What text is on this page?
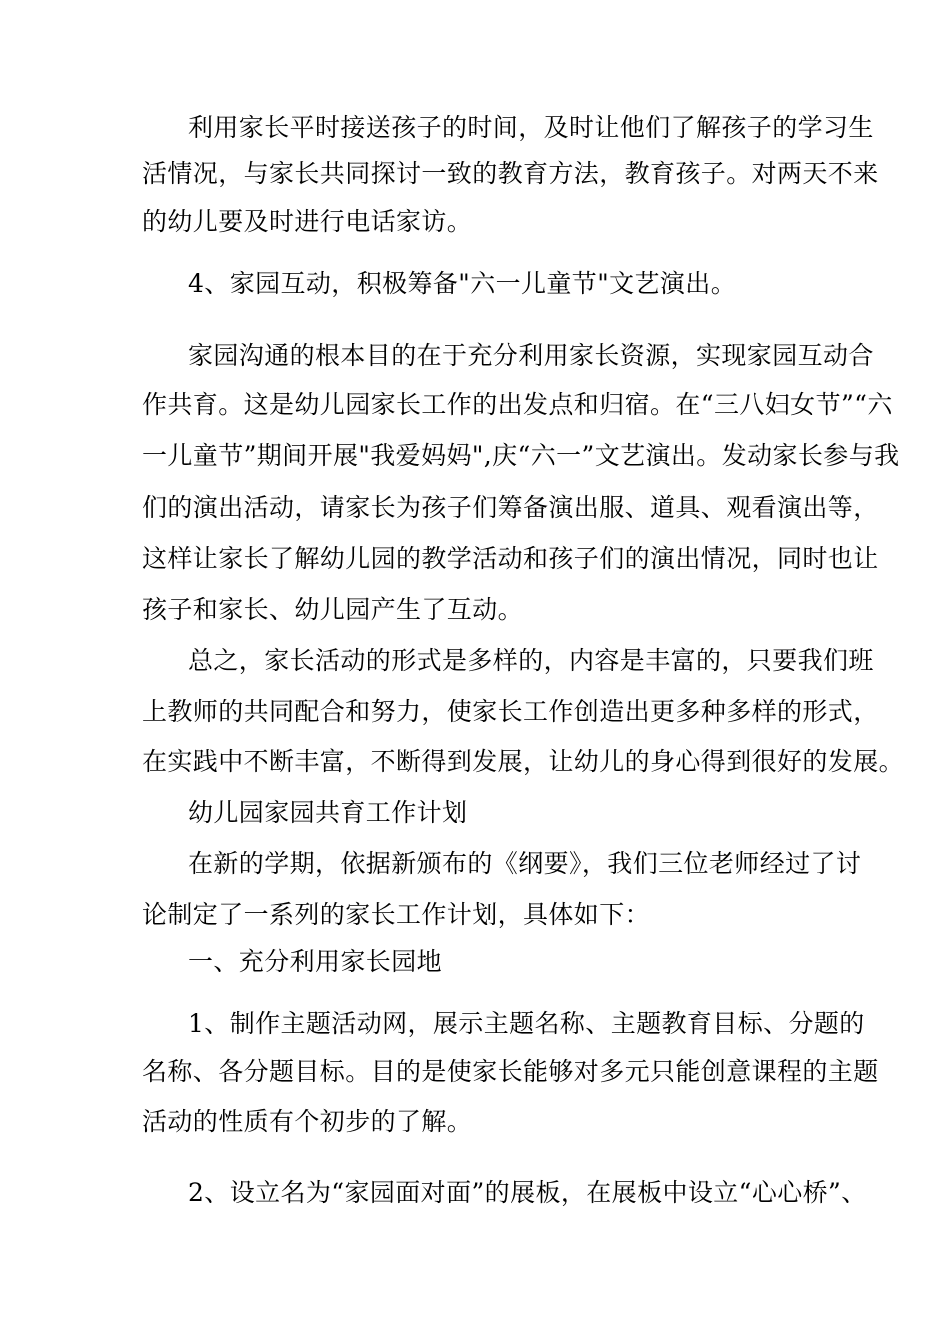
利用家长平时接送孩子的时间，及时让他们了解孩子的学习生
活情况，与家长共同探讨一致的教育方法，教育孩子。对两天不来
的幼儿要及时进行电话家访。
4、家园互动，积极筹备"六一儿童节"文艺演出。
家园沟通的根本目的在于充分利用家长资源，实现家园互动合
作共育。这是幼儿园家长工作的出发点和归宿。在“三八妇女节”“六
一儿童节”期间开展"我爱妈妈",庆“六一”文艺演出。发动家长参与我
们的演出活动，请家长为孩子们筹备演出服、道具、观看演出等，
这样让家长了解幼儿园的教学活动和孩子们的演出情况，同时也让
孩子和家长、幼儿园产生了互动。
总之，家长活动的形式是多样的，内容是丰富的，只要我们班
上教师的共同配合和努力，使家长工作创造出更多种多样的形式，
在实践中不断丰富，不断得到发展，让幼儿的身心得到很好的发展。
幼儿园家园共育工作计划
在新的学期，依据新颁布的《纲要》，我们三位老师经过了讨
论制定了一系列的家长工作计划，具体如下：
一、充分利用家长园地
1、制作主题活动网，展示主题名称、主题教育目标、分题的
名称、各分题目标。目的是使家长能够对多元只能创意课程的主题
活动的性质有个初步的了解。
2、设立名为“家园面对面”的展板，在展板中设立“心心桥”、
